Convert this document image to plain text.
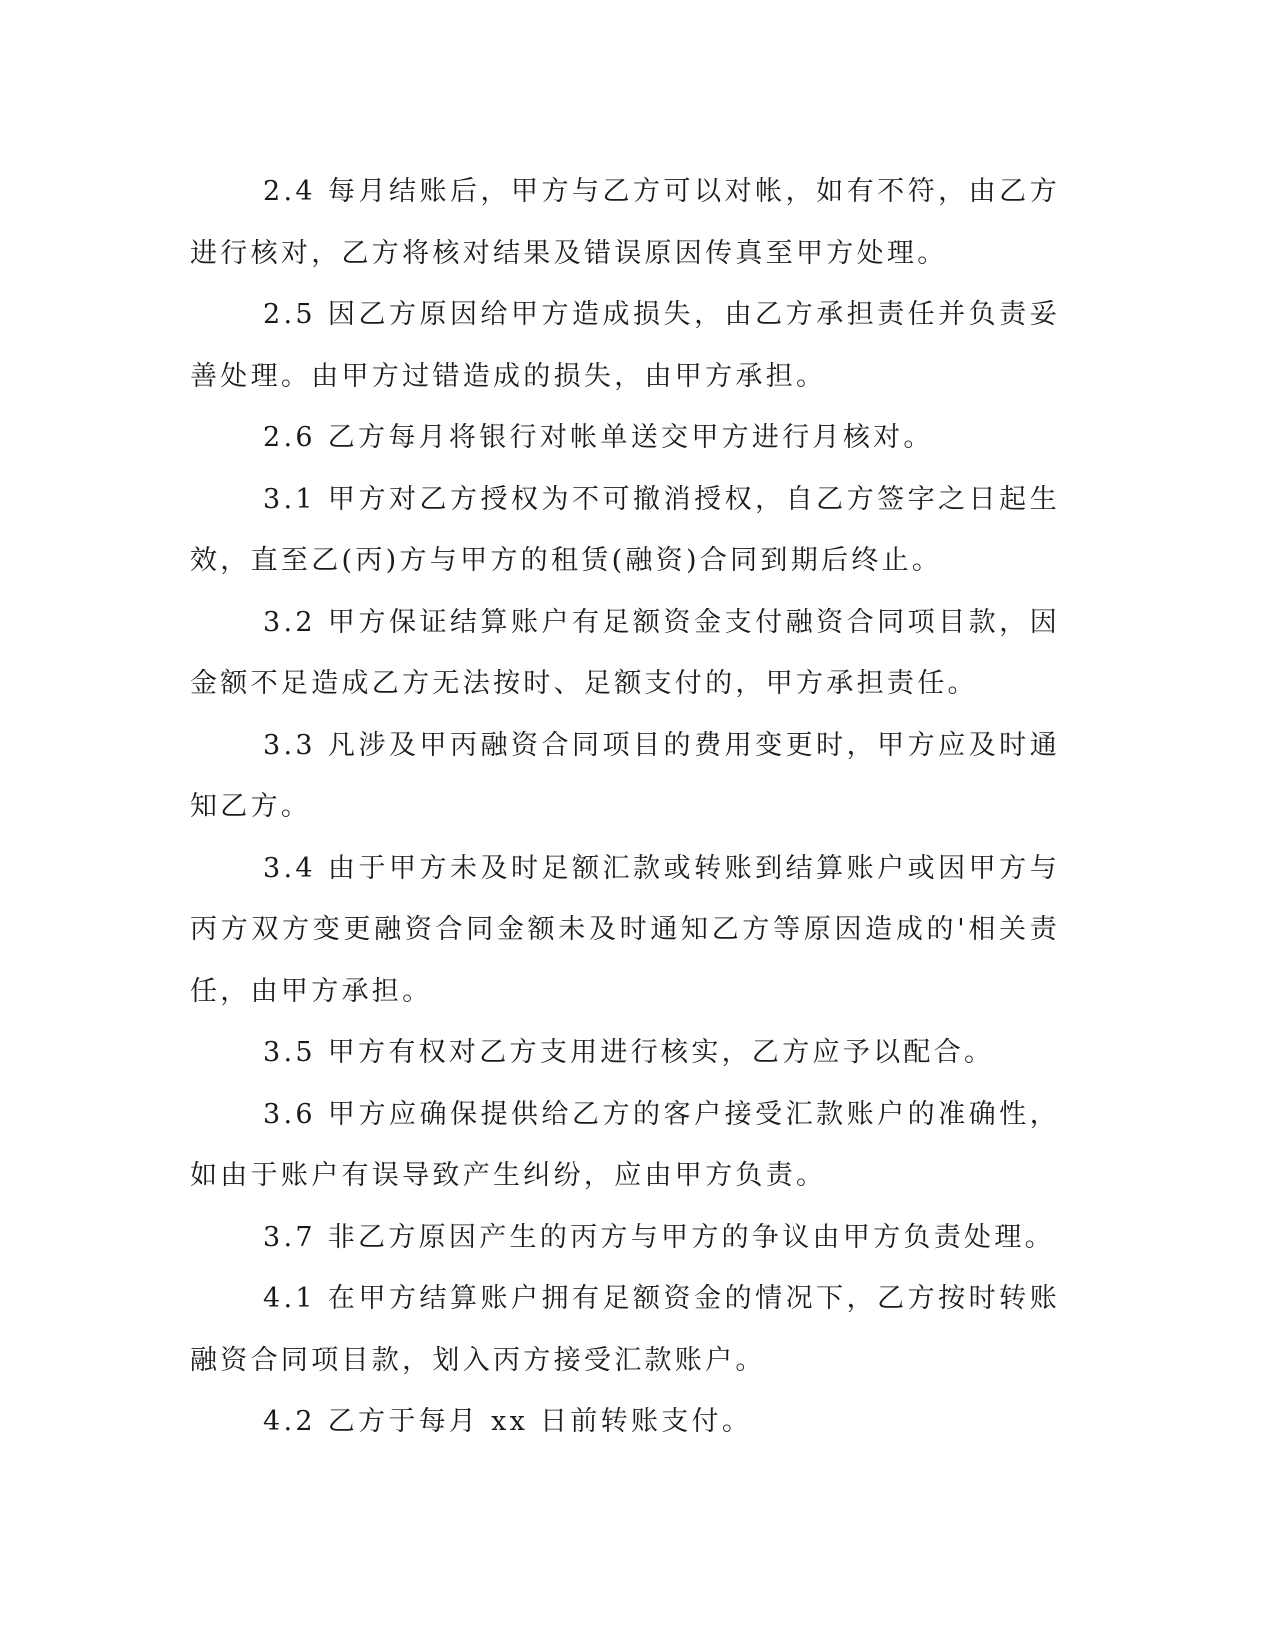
2.4 每月结账后，甲方与乙方可以对帐，如有不符，由乙方进行核对，乙方将核对结果及错误原因传真至甲方处理。

2.5 因乙方原因给甲方造成损失，由乙方承担责任并负责妥善处理。由甲方过错造成的损失，由甲方承担。

2.6 乙方每月将银行对帐单送交甲方进行月核对。

3.1 甲方对乙方授权为不可撤消授权，自乙方签字之日起生效，直至乙(丙)方与甲方的租赁(融资)合同到期后终止。

3.2 甲方保证结算账户有足额资金支付融资合同项目款，因金额不足造成乙方无法按时、足额支付的，甲方承担责任。

3.3 凡涉及甲丙融资合同项目的费用变更时，甲方应及时通知乙方。

3.4 由于甲方未及时足额汇款或转账到结算账户或因甲方与丙方双方变更融资合同金额未及时通知乙方等原因造成的'相关责任，由甲方承担。

3.5 甲方有权对乙方支用进行核实，乙方应予以配合。

3.6 甲方应确保提供给乙方的客户接受汇款账户的准确性，如由于账户有误导致产生纠纷，应由甲方负责。

3.7 非乙方原因产生的丙方与甲方的争议由甲方负责处理。

4.1 在甲方结算账户拥有足额资金的情况下，乙方按时转账融资合同项目款，划入丙方接受汇款账户。

4.2 乙方于每月 xx 日前转账支付。
